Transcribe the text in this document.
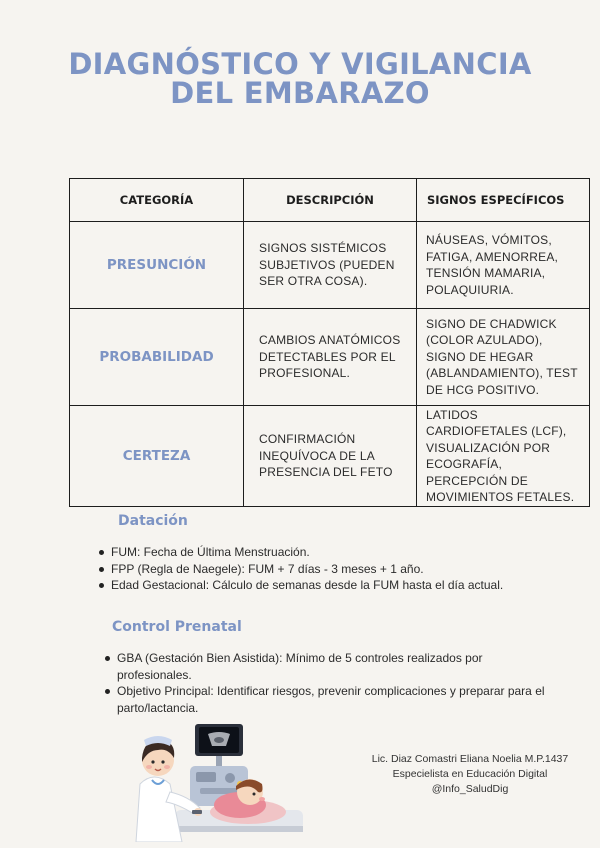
DIAGNÓSTICO Y VIGILANCIA
DEL EMBARAZO
CATEGORÍA	DESCRIPCIÓN	SIGNOS ESPECÍFICOS
PRESUNCIÓN	SIGNOS SISTÉMICOS SUBJETIVOS (PUEDEN SER OTRA COSA).	NÁUSEAS, VÓMITOS, FATIGA, AMENORREA, TENSIÓN MAMARIA, POLAQUIURIA.
PROBABILIDAD	CAMBIOS ANATÓMICOS DETECTABLES POR EL PROFESIONAL.	SIGNO DE CHADWICK (COLOR AZULADO), SIGNO DE HEGAR (ABLANDAMIENTO), TEST DE HCG POSITIVO.
CERTEZA	CONFIRMACIÓN INEQUÍVOCA DE LA PRESENCIA DEL FETO	LATIDOS CARDIOFETALES (LCF), VISUALIZACIÓN POR ECOGRAFÍA, PERCEPCIÓN DE MOVIMIENTOS FETALES.
Datación
FUM: Fecha de Última Menstruación.
FPP (Regla de Naegele): FUM + 7 días - 3 meses + 1 año.
Edad Gestacional: Cálculo de semanas desde la FUM hasta el día actual.
Control Prenatal
GBA (Gestación Bien Asistida): Mínimo de 5 controles realizados por profesionales.
Objetivo Principal: Identificar riesgos, prevenir complicaciones y preparar para el parto/lactancia.
Lic. Diaz Comastri Eliana Noelia M.P.1437
Especielista en Educación Digital
@Info_SaludDig
